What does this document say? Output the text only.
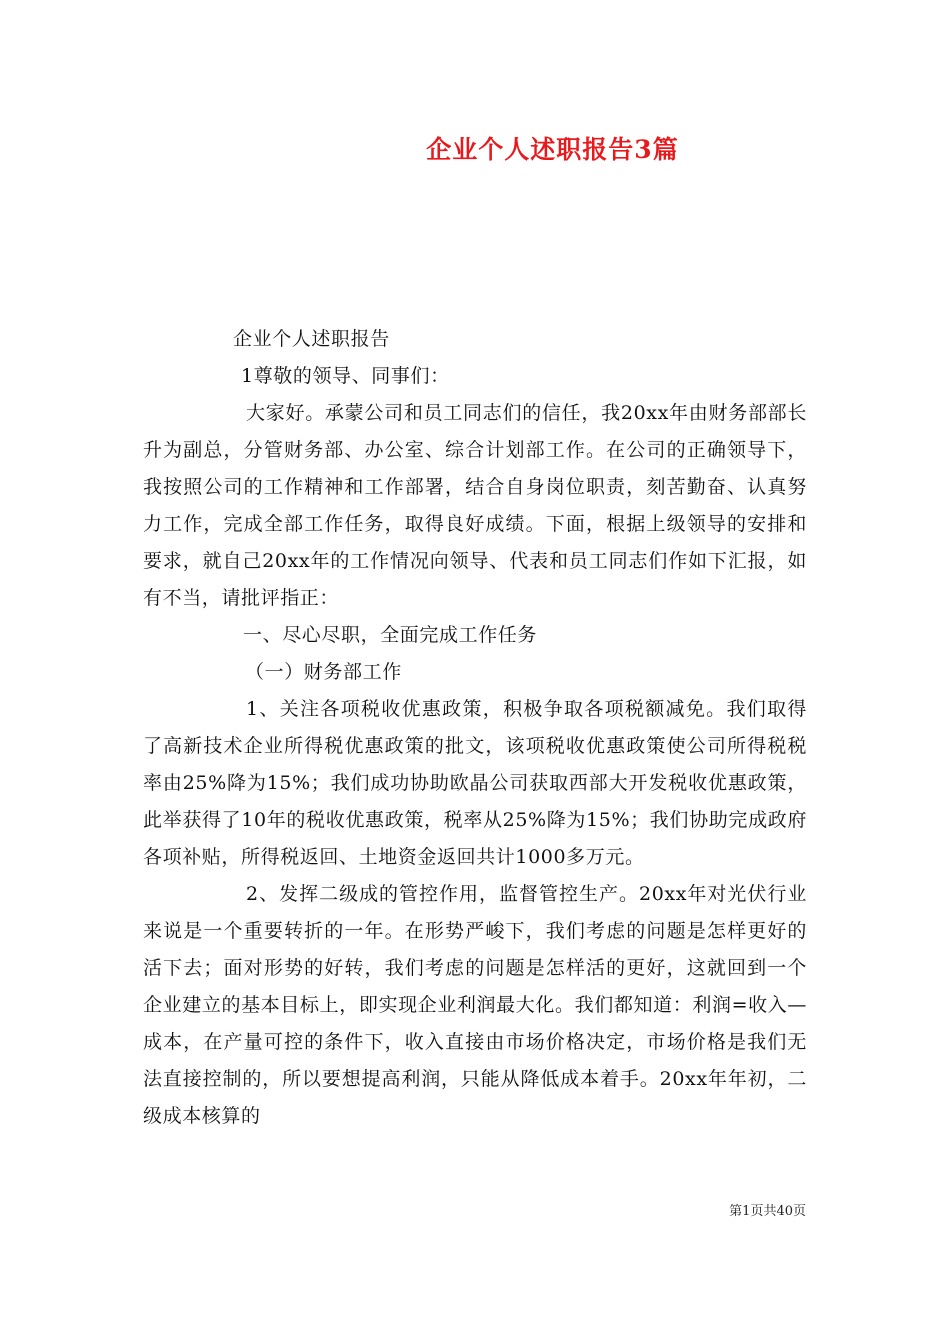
企业个人述职报告3篇

企业个人述职报告

1尊敬的领导、同事们：

大家好。承蒙公司和员工同志们的信任，我20xx年由财务部部长升为副总，分管财务部、办公室、综合计划部工作。在公司的正确领导下，我按照公司的工作精神和工作部署，结合自身岗位职责，刻苦勤奋、认真努力工作，完成全部工作任务，取得良好成绩。下面，根据上级领导的安排和要求，就自己20xx年的工作情况向领导、代表和员工同志们作如下汇报，如有不当，请批评指正：

一、尽心尽职，全面完成工作任务

（一）财务部工作

1、关注各项税收优惠政策，积极争取各项税额减免。我们取得了高新技术企业所得税优惠政策的批文，该项税收优惠政策使公司所得税税率由25%降为15%；我们成功协助欧晶公司获取西部大开发税收优惠政策，此举获得了10年的税收优惠政策，税率从25%降为15%；我们协助完成政府各项补贴，所得税返回、土地资金返回共计1000多万元。

2、发挥二级成的管控作用，监督管控生产。20xx年对光伏行业来说是一个重要转折的一年。在形势严峻下，我们考虑的问题是怎样更好的活下去；面对形势的好转，我们考虑的问题是怎样活的更好，这就回到一个企业建立的基本目标上，即实现企业利润最大化。我们都知道：利润=收入—成本，在产量可控的条件下，收入直接由市场价格决定，市场价格是我们无法直接控制的，所以要想提高利润，只能从降低成本着手。20xx年年初，二级成本核算的

第1页共40页
